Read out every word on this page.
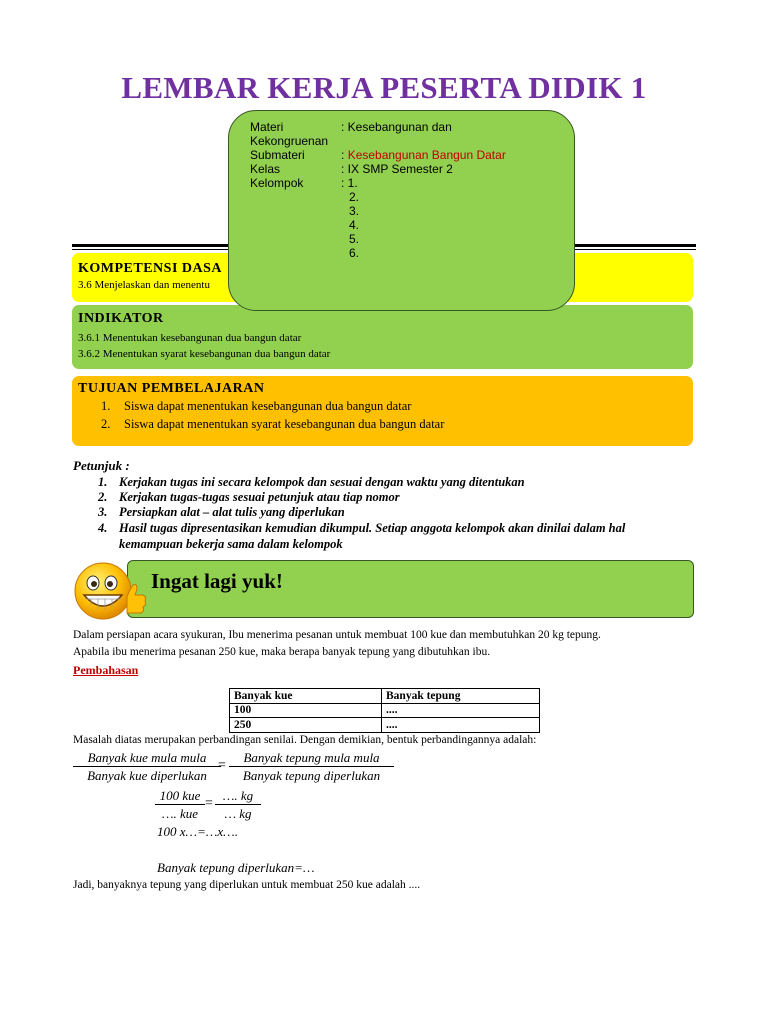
LEMBAR KERJA PESERTA DIDIK 1
KOMPETENSI DASA
3.6 Menjelaskan dan menentu
INDIKATOR
3.6.1 Menentukan kesebangunan dua bangun datar
3.6.2 Menentukan syarat kesebangunan dua bangun datar
TUJUAN PEMBELAJARAN
1. Siswa dapat menentukan kesebangunan dua bangun datar
2. Siswa dapat menentukan syarat kesebangunan dua bangun datar
Materi	: Kesebangunan dan
Kekongruenan
Submateri	: Kesebangunan Bangun Datar
Kelas	: IX SMP Semester 2
Kelompok	: 1.
2.
3.
4.
5.
6.
Petunjuk :
1. Kerjakan tugas ini secara kelompok dan sesuai dengan waktu yang ditentukan
2. Kerjakan tugas-tugas sesuai petunjuk atau tiap nomor
3. Persiapkan alat – alat tulis yang diperlukan
4. Hasil tugas dipresentasikan kemudian dikumpul. Setiap anggota kelompok akan dinilai dalam hal
kemampuan bekerja sama dalam kelompok
Ingat lagi yuk!
Dalam persiapan acara syukuran, Ibu menerima pesanan untuk membuat 100 kue dan membutuhkan 20 kg tepung.
Apabila ibu menerima pesanan 250 kue, maka berapa banyak tepung yang dibutuhkan ibu.
Pembahasan
Banyak kue	Banyak tepung
100	....
250	....
Masalah diatas merupakan perbandingan senilai. Dengan demikian, bentuk perbandingannya adalah:
Banyak kue mula mula
Banyak kue diperlukan
=
Banyak tepung mula mula
Banyak tepung diperlukan
100 kue
…. kue
= $\frac{\dots. kg}{\dots kg}$
100 x…=…x….
Banyak tepung diperlukan=…
Jadi, banyaknya tepung yang diperlukan untuk membuat 250 kue adalah ....
